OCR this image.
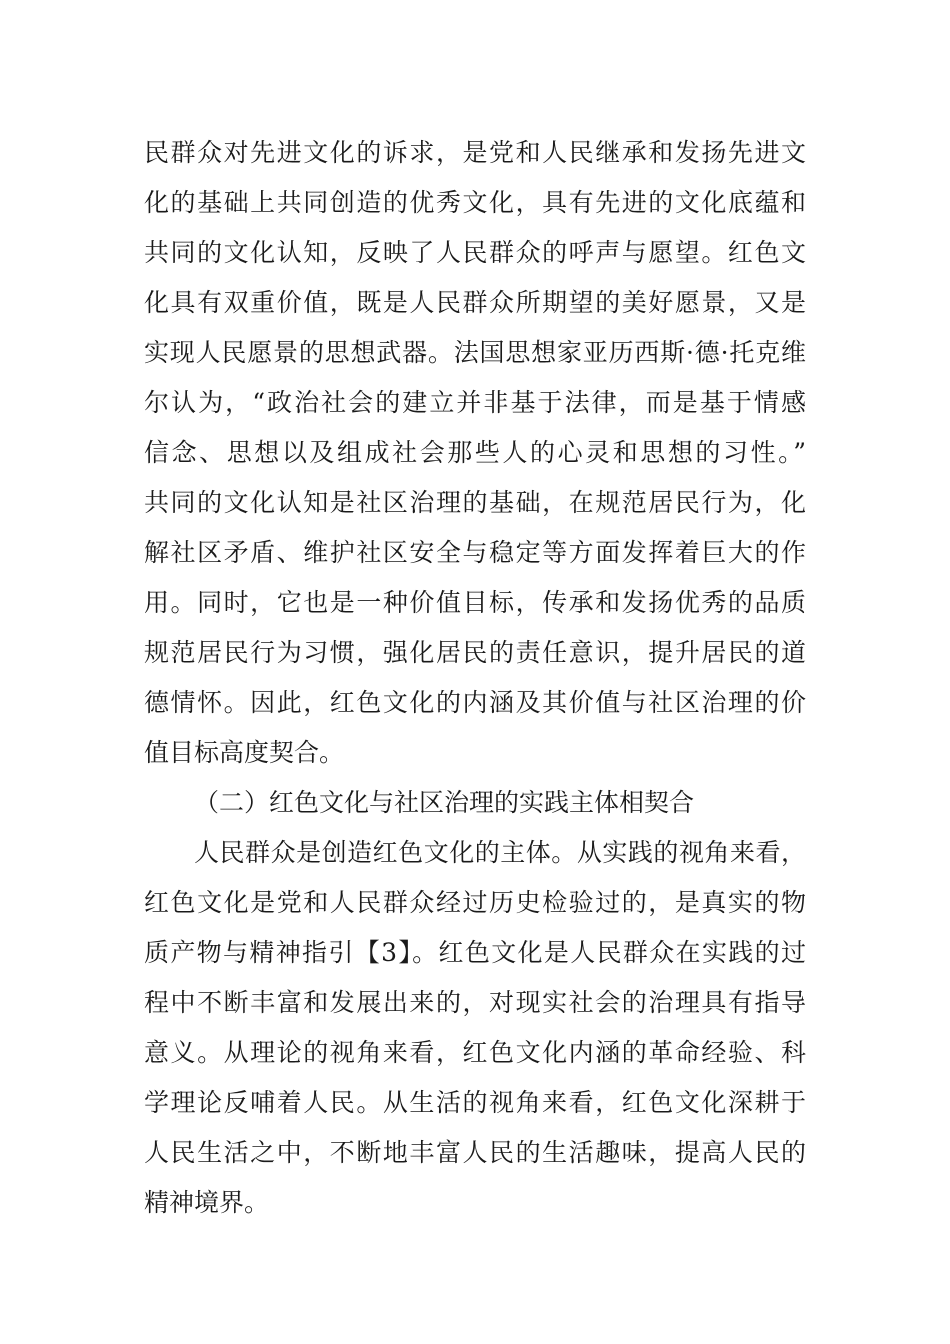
民群众对先进文化的诉求，是党和人民继承和发扬先进文
化的基础上共同创造的优秀文化，具有先进的文化底蕴和
共同的文化认知，反映了人民群众的呼声与愿望。红色文
化具有双重价值，既是人民群众所期望的美好愿景，又是
实现人民愿景的思想武器。法国思想家亚历西斯·德·托克维
尔认为，“政治社会的建立并非基于法律，而是基于情感
信念、思想以及组成社会那些人的心灵和思想的习性。”
共同的文化认知是社区治理的基础，在规范居民行为，化
解社区矛盾、维护社区安全与稳定等方面发挥着巨大的作
用。同时，它也是一种价值目标，传承和发扬优秀的品质
规范居民行为习惯，强化居民的责任意识，提升居民的道
德情怀。因此，红色文化的内涵及其价值与社区治理的价
值目标高度契合。
（二）红色文化与社区治理的实践主体相契合
人民群众是创造红色文化的主体。从实践的视角来看，
红色文化是党和人民群众经过历史检验过的，是真实的物
质产物与精神指引【3】。红色文化是人民群众在实践的过
程中不断丰富和发展出来的，对现实社会的治理具有指导
意义。从理论的视角来看，红色文化内涵的革命经验、科
学理论反哺着人民。从生活的视角来看，红色文化深耕于
人民生活之中，不断地丰富人民的生活趣味，提高人民的
精神境界。
